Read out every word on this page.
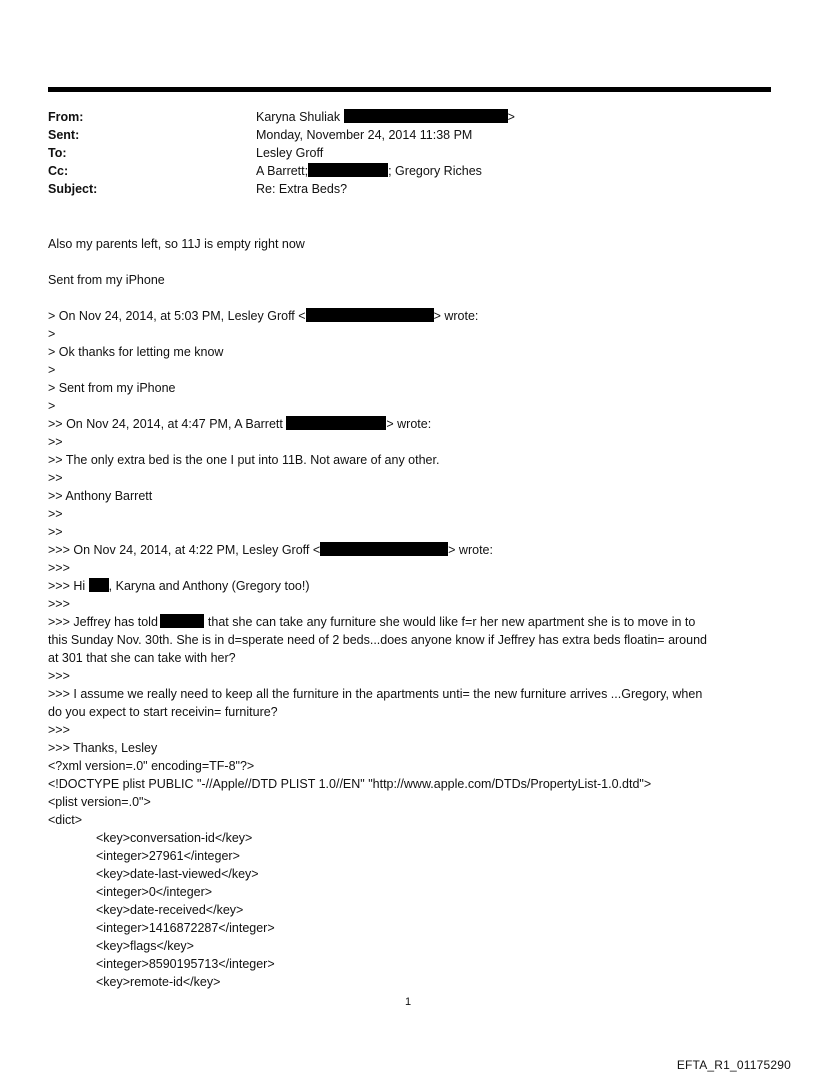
From:	Karyna Shuliak	>
Sent:	Monday, November 24, 2014 11:38 PM
To:	Lesley Groff
Cc:	A Barrett;	; Gregory Riches
Subject:	Re: Extra Beds?
Also my parents left, so 11J is empty right now
Sent from my iPhone
> On Nov 24, 2014, at 5:03 PM, Lesley Groff <	> wrote:
>
> Ok thanks for letting me know
>
> Sent from my iPhone
>
>> On Nov 24, 2014, at 4:47 PM, A Barrett	> wrote:
>>
>> The only extra bed is the one I put into 11B. Not aware of any other.
>>
>> Anthony Barrett
>>
>>
>>> On Nov 24, 2014, at 4:22 PM, Lesley Groff <	> wrote:
>>>
>>> Hi , Karyna and Anthony (Gregory too!)
>>>
>>> Jeffrey has told	that she can take any furniture she would like f=r her new apartment she is to move in to
this Sunday Nov. 30th. She is in d=sperate need of 2 beds...does anyone know if Jeffrey has extra beds floatin= around
at 301 that she can take with her?
>>>
>>> I assume we really need to keep all the furniture in the apartments unti= the new furniture arrives ...Gregory, when
do you expect to start receivin= furniture?
>>>
>>> Thanks, Lesley
<?xml version=.0" encoding=TF-8"?>
<!DOCTYPE plist PUBLIC "-//Apple//DTD PLIST 1.0//EN" "http://www.apple.com/DTDs/PropertyList-1.0.dtd">
<plist version=.0">
<dict>
<key>conversation-id</key>
<integer>27961</integer>
<key>date-last-viewed</key>
<integer>0</integer>
<key>date-received</key>
<integer>1416872287</integer>
<key>flags</key>
<integer>8590195713</integer>
<key>remote-id</key>
1
EFTA_R1_01175290
